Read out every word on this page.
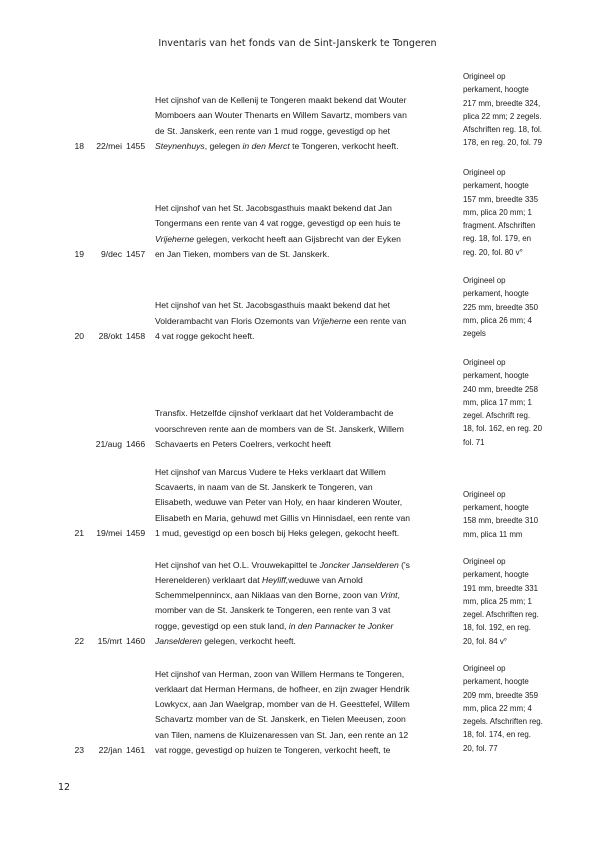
Inventaris van het fonds van de Sint-Janskerk te Tongeren
18	22/mei 1455
Het cijnshof van de Kellenij te Tongeren maakt bekend dat Wouter
Momboers aan Wouter Thenarts en Willem Savartz, mombers van
de St. Janskerk, een rente van 1 mud rogge, gevestigd op het
Steynenhuys, gelegen in den Merct te Tongeren, verkocht heeft.
Origineel op
perkament, hoogte
217 mm, breedte 324,
plica 22 mm; 2 zegels.
Afschriften reg. 18, fol.
178, en reg. 20, fol. 79
19	9/dec 1457
Het cijnshof van het St. Jacobsgasthuis maakt bekend dat Jan
Tongermans een rente van 4 vat rogge, gevestigd op een huis te
Vrijeherne gelegen, verkocht heeft aan Gijsbrecht van der Eyken
en Jan Tieken, mombers van de St. Janskerk.
Origineel op
perkament, hoogte
157 mm, breedte 335
mm, plica 20 mm; 1
fragment. Afschriften
reg. 18, fol. 179, en
reg. 20, fol. 80 v°
20	28/okt 1458
Het cijnshof van het St. Jacobsgasthuis maakt bekend dat het
Volderambacht van Floris Ozemonts van Vrijeherne een rente van
4 vat rogge gekocht heeft.
Origineel op
perkament, hoogte
225 mm, breedte 350
mm, plica 26 mm; 4
zegels
21/aug 1466
Transfix. Hetzelfde cijnshof verklaart dat het Volderambacht de
voorschreven rente aan de mombers van de St. Janskerk, Willem
Schavaerts en Peters Coelrers, verkocht heeft
Origineel op
perkament, hoogte
240 mm, breedte 258
mm, plica 17 mm; 1
zegel. Afschrift reg.
18, fol. 162, en reg. 20
fol. 71
21	19/mei 1459
Het cijnshof van Marcus Vudere te Heks verklaart dat Willem
Scavaerts, in naam van de St. Janskerk te Tongeren, van
Elisabeth, weduwe van Peter van Holy, en haar kinderen Wouter,
Elisabeth en Maria, gehuwd met Gillis vn Hinnisdael, een rente van
1 mud, gevestigd op een bosch bij Heks gelegen, gekocht heeft.
Origineel op
perkament, hoogte
158 mm, breedte 310
mm, plica 11 mm
22	15/mrt 1460
Het cijnshof van het O.L. Vrouwekapittel te Joncker Janselderen ('s
Herenelderen) verklaart dat Heyliff,weduwe van Arnold
Schemmelpennincx, aan Niklaas van den Borne, zoon van Vrint,
momber van de St. Janskerk te Tongeren, een rente van 3 vat
rogge, gevestigd op een stuk land, in den Pannacker te Jonker
Janselderen gelegen, verkocht heeft.
Origineel op
perkament, hoogte
191 mm, breedte 331
mm, plica 25 mm; 1
zegel. Afschriften reg.
18, fol. 192, en reg.
20, fol. 84 v°
23	22/jan 1461
Het cijnshof van Herman, zoon van Willem Hermans te Tongeren,
verklaart dat Herman Hermans, de hofheer, en zijn zwager Hendrik
Lowkycx, aan Jan Waelgrap, momber van de H. Geesttefel, Willem
Schavartz momber van de St. Janskerk, en Tielen Meeusen, zoon
van Tilen, namens de Kluizenaressen van St. Jan, een rente an 12
vat rogge, gevestigd op huizen te Tongeren, verkocht heeft, te
Origineel op
perkament, hoogte
209 mm, breedte 359
mm, plica 22 mm; 4
zegels. Afschriften reg.
18, fol. 174, en reg.
20, fol. 77
12
